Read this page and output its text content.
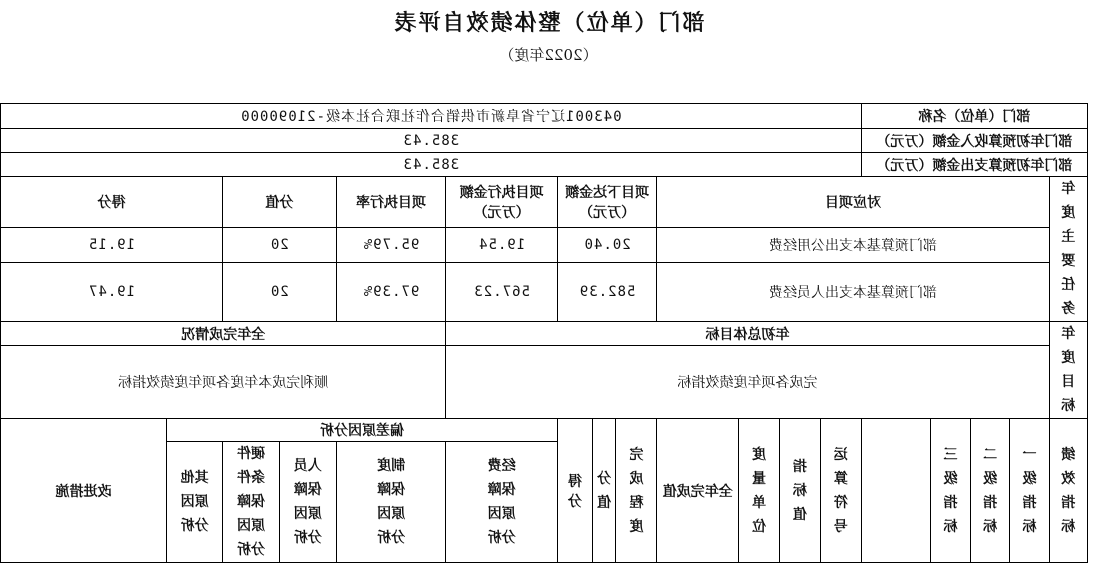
部门（单位）整体绩效自评表
（2022年度）
部门（单位）名称					043001辽宁省阜新市供销合作社联合社本级-21090000												
部门年初预算收入金额（万元）					385.43												
部门年初预算支出金额（万元）					385.43												
年度主要任务	对应项目								项目下达金额（万元）			项目执行金额（万元）	项目执行率	分值		得分	
	部门预算基本支出公用经费								20.40			19.54	95.79%	20		19.15	
	部门预算基本支出人员经费								582.39			567.23	97.39%	20		19.47	
年度目标	年初总体目标												全年完成情况				
	完成各项年度绩效指标												顺利完成本年度各项年度绩效指标				
绩效指标	一级指标	二级指标	三级指标		运算符号	指标值	度量单位	全年完成值	完成程度	分值	得分	偏差原因分析					改进措施
												经费保障原因分析	制度保障原因分析	人员保障原因分析	硬件条件保障原因分析	其他原因分析	
